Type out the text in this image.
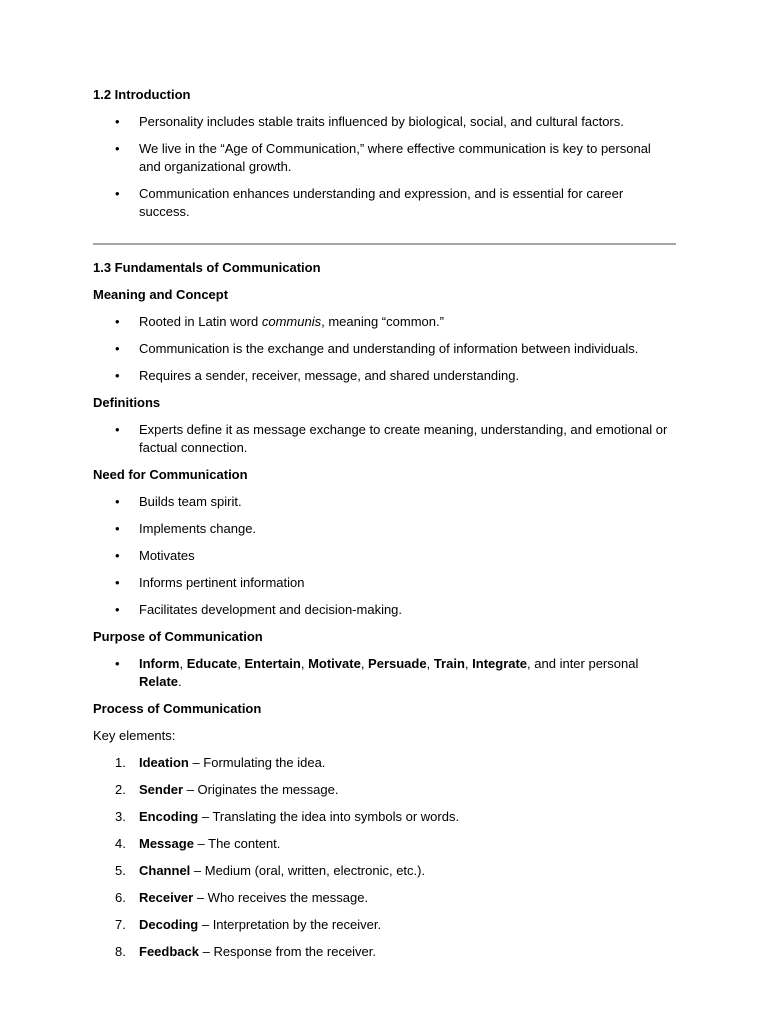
1.2 Introduction
• Personality includes stable traits influenced by biological, social, and cultural factors.
• We live in the “Age of Communication,” where effective communication is key to personal and organizational growth.
• Communication enhances understanding and expression, and is essential for career success.
1.3 Fundamentals of Communication
Meaning and Concept
• Rooted in Latin word communis, meaning “common.”
• Communication is the exchange and understanding of information between individuals.
• Requires a sender, receiver, message, and shared understanding.
Definitions
• Experts define it as message exchange to create meaning, understanding, and emotional or factual connection.
Need for Communication
• Builds team spirit.
• Implements change.
• Motivates
• Informs pertinent information
• Facilitates development and decision-making.
Purpose of Communication
• Inform, Educate, Entertain, Motivate, Persuade, Train, Integrate, and inter personal Relate.
Process of Communication
Key elements:
1. Ideation – Formulating the idea.
2. Sender – Originates the message.
3. Encoding – Translating the idea into symbols or words.
4. Message – The content.
5. Channel – Medium (oral, written, electronic, etc.).
6. Receiver – Who receives the message.
7. Decoding – Interpretation by the receiver.
8. Feedback – Response from the receiver.
